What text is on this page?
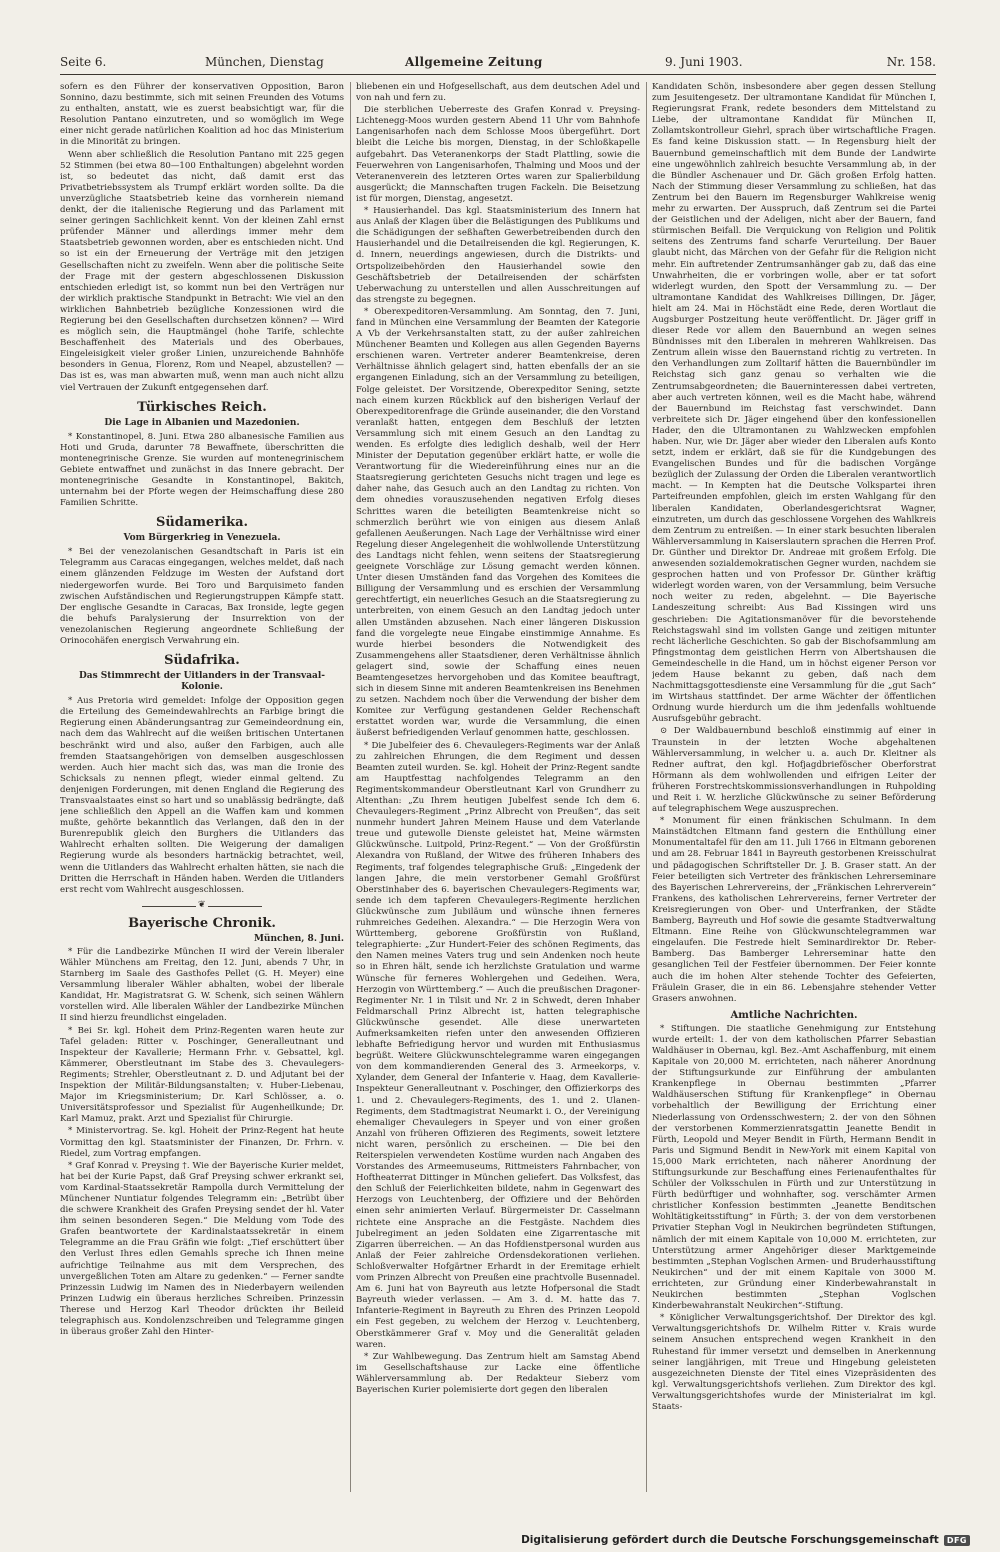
Seite 6.	München, Dienstag	Allgemeine Zeitung	9. Juni 1903.	Nr. 158.

sofern es den Führer der konservativen Opposition, Baron Sonnino, dazu bestimmte, sich mit seinen Freunden des Votums zu enthalten, anstatt, wie es zuerst beabsichtigt war, für die Resolution Pantano einzutreten, und so womöglich im Wege einer nicht gerade natürlichen Koalition ad hoc das Ministerium in die Minorität zu bringen.

Wenn aber schließlich die Resolution Pantano mit 225 gegen 52 Stimmen (bei etwa 80—100 Enthaltungen) abgelehnt worden ist, so bedeutet das nicht, daß damit erst das Privatbetriebssystem als Trumpf erklärt worden sollte. Da die unverzügliche Staatsbetrieb keine das vornherein niemand denkt, der die italienische Regierung und das Parlament mit seiner geringen Sachlichkeit kennt. Von der kleinen Zahl ernst prüfender Männer und allerdings immer mehr dem Staatsbetrieb gewonnen worden, aber es entschieden nicht. Und so ist ein der Erneuerung der Verträge mit den jetzigen Gesellschaften nicht zu zweifeln. Wenn aber die politische Seite der Frage mit der gestern abgeschlossenen Diskussion entschieden erledigt ist, so kommt nun bei den Verträgen nur der wirklich praktische Standpunkt in Betracht: Wie viel an den wirklichen Bahnbetrieb bezügliche Konzessionen wird die Regierung bei den Gesellschaften durchsetzen können? — Wird es möglich sein, die Hauptmängel (hohe Tarife, schlechte Beschaffenheit des Materials und des Oberbaues, Eingeleisigkeit vieler großer Linien, unzureichende Bahnhöfe besonders in Genua, Florenz, Rom und Neapel, abzustellen? — Das ist es, was man abwarten muß, wenn man auch nicht allzu viel Vertrauen der Zukunft entgegensehen darf.

Türkisches Reich.
Die Lage in Albanien und Mazedonien.

* Konstantinopel, 8. Juni. Etwa 280 albanesische Familien aus Hoti und Gruda, darunter 78 Bewaffnete, überschritten die montenegrinische Grenze. Sie wurden auf montenegrinischem Gebiete entwaffnet und zunächst in das Innere gebracht. Der montenegrinische Gesandte in Konstantinopel, Bakitch, unternahm bei der Pforte wegen der Heimschaffung diese 280 Familien Schritte.

Südamerika.
Vom Bürgerkrieg in Venezuela.

* Bei der venezolanischen Gesandtschaft in Paris ist ein Telegramm aus Caracas eingegangen, welches meldet, daß nach einem glänzenden Feldzuge im Westen der Aufstand dort niedergeworfen wurde. Bei Toro und Barquisimeto fanden zwischen Aufständischen und Regierungstruppen Kämpfe statt. Der englische Gesandte in Caracas, Bax Ironside, legte gegen die behufs Paralysierung der Insurrektion von der venezolanischen Regierung angeordnete Schließung der Orinocohäfen energisch Verwahrung ein.

Südafrika.
Das Stimmrecht der Uitlanders in der Transvaal-Kolonie.

* Aus Pretoria wird gemeldet: Infolge der Opposition gegen die Erteilung des Gemeindewahlrechts an Farbige bringt die Regierung einen Abänderungsantrag zur Gemeindeordnung ein, nach dem das Wahlrecht auf die weißen britischen Untertanen beschränkt wird und also, außer den Farbigen, auch alle fremden Staatsangehörigen von demselben ausgeschlossen werden. Auch hier macht sich das, was man die Ironie des Schicksals zu nennen pflegt, wieder einmal geltend. Zu denjenigen Forderungen, mit denen England die Regierung des Transvaalstaates einst so hart und so unablässig bedrängte, daß jene schließlich den Appell an die Waffen kam und kommen mußte, gehörte bekanntlich das Verlangen, daß den in der Burenrepublik gleich den Burghers die Uitlanders das Wahlrecht erhalten sollten. Die Weigerung der damaligen Regierung wurde als besonders hartnäckig betrachtet, weil, wenn die Uitlanders das Wahlrecht erhalten hätten, sie nach die Dritten die Herrschaft in Händen haben. Werden die Uitlanders erst recht vom Wahlrecht ausgeschlossen.

❦
Bayerische Chronik.
München, 8. Juni.

* Für die Landbezirke München II wird der Verein liberaler Wähler Münchens am Freitag, den 12. Juni, abends 7 Uhr, in Starnberg im Saale des Gasthofes Pellet (G. H. Meyer) eine Versammlung liberaler Wähler abhalten, wobei der liberale Kandidat, Hr. Magistratsrat G. W. Schenk, sich seinen Wählern vorstellen wird. Alle liberalen Wähler der Landbezirke München II sind hierzu freundlichst eingeladen.

* Bei Sr. kgl. Hoheit dem Prinz-Regenten waren heute zur Tafel geladen: Ritter v. Poschinger, Generalleutnant und Inspekteur der Kavallerie; Hermann Frhr. v. Gebsattel, kgl. Kämmerer, Oberstleutnant im Stabe des 3. Chevaulegers-Regiments; Strehler, Oberstleutnant z. D. und Adjutant bei der Inspektion der Militär-Bildungsanstalten; v. Huber-Liebenau, Major im Kriegsministerium; Dr. Karl Schlösser, a. o. Universitätsprofessor und Spezialist für Augenheilkunde; Dr. Karl Mamuz, prakt. Arzt und Spezialist für Chirurgie.

* Ministervortrag. Se. kgl. Hoheit der Prinz-Regent hat heute Vormittag den kgl. Staatsminister der Finanzen, Dr. Frhrn. v. Riedel, zum Vortrag empfangen.

* Graf Konrad v. Preysing †. Wie der Bayerische Kurier meldet, hat bei der Kurie Papst, daß Graf Preysing schwer erkrankt sei, vom Kardinal-Staatssekretär Rampolla durch Vermittelung der Münchener Nuntiatur folgendes Telegramm ein: „Betrübt über die schwere Krankheit des Grafen Preysing sendet der hl. Vater ihm seinen besonderen Segen.“ Die Meldung vom Tode des Grafen beantwortete der Kardinalstaatssekretär in einem Telegramme an die Frau Gräfin wie folgt: „Tief erschüttert über den Verlust Ihres edlen Gemahls spreche ich Ihnen meine aufrichtige Teilnahme aus mit dem Versprechen, des unvergeßlichen Toten am Altare zu gedenken.“ — Ferner sandte Prinzessin Ludwig im Namen des in Niederbayern weilenden Prinzen Ludwig ein überaus herzliches Schreiben. Prinzessin Therese und Herzog Karl Theodor drückten ihr Beileid telegraphisch aus. Kondolenzschreiben und Telegramme gingen in überaus großer Zahl den Hinter-

bliebenen ein und Hofgesellschaft, aus dem deutschen Adel und von nah und fern zu.

Die sterblichen Ueberreste des Grafen Konrad v. Preysing-Lichtenegg-Moos wurden gestern Abend 11 Uhr vom Bahnhofe Langenisarhofen nach dem Schlosse Moos übergeführt. Dort bleibt die Leiche bis morgen, Dienstag, in der Schloßkapelle aufgebahrt. Das Veteranenkorps der Stadt Plattling, sowie die Feuerwehren von Langenisarhofen, Thalming und Moos und der Veteranenverein des letzteren Ortes waren zur Spalierbildung ausgerückt; die Mannschaften trugen Fackeln. Die Beisetzung ist für morgen, Dienstag, angesetzt.

* Hausierhandel. Das kgl. Staatsministerium des Innern hat aus Anlaß der Klagen über die Belästigungen des Publikums und die Schädigungen der seßhaften Gewerbetreibenden durch den Hausierhandel und die Detailreisenden die kgl. Regierungen, K. d. Innern, neuerdings angewiesen, durch die Distrikts- und Ortspolizeibehörden den Hausierhandel sowie den Geschäftsbetrieb der Detailreisenden der schärfsten Ueberwachung zu unterstellen und allen Ausschreitungen auf das strengste zu begegnen.

* Oberexpeditoren-Versammlung. Am Sonntag, den 7. Juni, fand in München eine Versammlung der Beamten der Kategorie A Vb der Verkehrsanstalten statt, zu der außer zahlreichen Münchener Beamten und Kollegen aus allen Gegenden Bayerns erschienen waren. Vertreter anderer Beamtenkreise, deren Verhältnisse ähnlich gelagert sind, hatten ebenfalls der an sie ergangenen Einladung, sich an der Versammlung zu beteiligen, Folge geleistet. Der Vorsitzende, Oberexpeditor Sening, setzte nach einem kurzen Rückblick auf den bisherigen Verlauf der Oberexpeditorenfrage die Gründe auseinander, die den Vorstand veranlaßt hatten, entgegen dem Beschluß der letzten Versammlung sich mit einem Gesuch an den Landtag zu wenden. Es erfolgte dies lediglich deshalb, weil der Herr Minister der Deputation gegenüber erklärt hatte, er wolle die Verantwortung für die Wiedereinführung eines nur an die Staatsregierung gerichteten Gesuchs nicht tragen und lege es daher nahe, das Gesuch auch an den Landtag zu richten. Von dem ohnedies vorauszusehenden negativen Erfolg dieses Schrittes waren die beteiligten Beamtenkreise nicht so schmerzlich berührt wie von einigen aus diesem Anlaß gefallenen Aeußerungen. Nach Lage der Verhältnisse wird einer Regelung dieser Angelegenheit die wohlwollende Unterstützung des Landtags nicht fehlen, wenn seitens der Staatsregierung geeignete Vorschläge zur Lösung gemacht werden können. Unter diesen Umständen fand das Vorgehen des Komitees die Billigung der Versammlung und es erschien der Versammlung gerechtfertigt, ein neuerliches Gesuch an die Staatsregierung zu unterbreiten, von einem Gesuch an den Landtag jedoch unter allen Umständen abzusehen. Nach einer längeren Diskussion fand die vorgelegte neue Eingabe einstimmige Annahme. Es wurde hierbei besonders die Notwendigkeit des Zusammengehens aller Staatsdiener, deren Verhältnisse ähnlich gelagert sind, sowie der Schaffung eines neuen Beamtengesetzes hervorgehoben und das Komitee beauftragt, sich in diesem Sinne mit anderen Beamtenkreisen ins Benehmen zu setzen. Nachdem noch über die Verwendung der bisher dem Komitee zur Verfügung gestandenen Gelder Rechenschaft erstattet worden war, wurde die Versammlung, die einen äußerst befriedigenden Verlauf genommen hatte, geschlossen.

* Die Jubelfeier des 6. Chevaulegers-Regiments war der Anlaß zu zahlreichen Ehrungen, die dem Regiment und dessen Beamten zuteil wurden. Se. kgl. Hoheit der Prinz-Regent sandte am Hauptfesttag nachfolgendes Telegramm an den Regimentskommandeur Oberstleutnant Karl von Grundherr zu Altenthan: „Zu Ihrem heutigen Jubelfest sende Ich dem 6. Chevaulegers-Regiment „Prinz Albrecht von Preußen“, das seit nunmehr hundert Jahren Meinem Hause und dem Vaterlande treue und gutewolle Dienste geleistet hat, Meine wärmsten Glückwünsche. Luitpold, Prinz-Regent.“ — Von der Großfürstin Alexandra von Rußland, der Witwe des früheren Inhabers des Regiments, traf folgendes telegraphische Gruß: „Eingedenk der langen Jahre, die mein verstorbener Gemahl Großfürst Oberstinhaber des 6. bayerischen Chevaulegers-Regiments war, sende ich dem tapferen Chevaulegers-Regimente herzlichen Glückwünsche zum Jubiläum und wünsche ihnen ferneres ruhmreiches Gedeihen. Alexandra.“ — Die Herzogin Wera von Württemberg, geborene Großfürstin von Rußland, telegraphierte: „Zur Hundert-Feier des schönen Regiments, das den Namen meines Vaters trug und sein Andenken noch heute so in Ehren hält, sende ich herzlichste Gratulation und warme Wünsche für ferneres Wohlergehen und Gedeihen. Wera, Herzogin von Württemberg.“ — Auch die preußischen Dragoner-Regimenter Nr. 1 in Tilsit und Nr. 2 in Schwedt, deren Inhaber Feldmarschall Prinz Albrecht ist, hatten telegraphische Glückwünsche gesendet. Alle diese unerwarteten Aufmerksamkeiten riefen unter den anwesenden Offizieren lebhafte Befriedigung hervor und wurden mit Enthusiasmus begrüßt. Weitere Glückwunschtelegramme waren eingegangen von dem kommandierenden General des 3. Armeekorps, v. Xylander, dem General der Infanterie v. Haag, dem Kavallerie-Inspekteur Generalleutnant v. Poschinger, den Offizierkorps des 1. und 2. Chevaulegers-Regiments, des 1. und 2. Ulanen-Regiments, dem Stadtmagistrat Neumarkt i. O., der Vereinigung ehemaliger Chevaulegers in Speyer und von einer großen Anzahl von früheren Offizieren des Regiments, soweit letztere nicht waren, persönlich zu erscheinen. — Die bei den Reiterspielen verwendeten Kostüme wurden nach Angaben des Vorstandes des Armeemuseums, Rittmeisters Fahrnbacher, von Hoftheaterrat Dittinger in München geliefert. Das Volksfest, das den Schluß der Feierlichkeiten bildete, nahm in Gegenwart des Herzogs von Leuchtenberg, der Offiziere und der Behörden einen sehr animierten Verlauf. Bürgermeister Dr. Casselmann richtete eine Ansprache an die Festgäste. Nachdem dies Jubelregiment an jeden Soldaten eine Zigarrentasche mit Zigarren überreichen. — An das Hofdienstpersonal wurden aus Anlaß der Feier zahlreiche Ordensdekorationen verliehen. Schloßverwalter Hofgärtner Erhardt in der Eremitage erhielt vom Prinzen Albrecht von Preußen eine prachtvolle Busennadel. Am 6. Juni hat von Bayreuth aus letzte Hofpersonal die Stadt Bayreuth wieder verlassen. — Am 3. d. M. hatte das 7. Infanterie-Regiment in Bayreuth zu Ehren des Prinzen Leopold ein Fest gegeben, zu welchem der Herzog v. Leuchtenberg, Oberstkämmerer Graf v. Moy und die Generalität geladen waren.

* Zur Wahlbewegung. Das Zentrum hielt am Samstag Abend im Gesellschaftshause zur Lacke eine öffentliche Wählerversammlung ab. Der Redakteur Sieberz vom Bayerischen Kurier polemisierte dort gegen den liberalen

Kandidaten Schön, insbesondere aber gegen dessen Stellung zum Jesuitengesetz. Der ultramontane Kandidat für München I, Regierungsrat Frank, redete besonders dem Mittelstand zu Liebe, der ultramontane Kandidat für München II, Zollamtskontrolleur Giehrl, sprach über wirtschaftliche Fragen. Es fand keine Diskussion statt. — In Regensburg hielt der Bauernbund gemeinschaftlich mit dem Bunde der Landwirte eine ungewöhnlich zahlreich besuchte Versammlung ab, in der die Bündler Aschenauer und Dr. Gäch großen Erfolg hatten. Nach der Stimmung dieser Versammlung zu schließen, hat das Zentrum bei den Bauern im Regensburger Wahlkreise wenig mehr zu erwarten. Der Ausspruch, daß Zentrum sei die Partei der Geistlichen und der Adeligen, nicht aber der Bauern, fand stürmischen Beifall. Die Verquickung von Religion und Politik seitens des Zentrums fand scharfe Verurteilung. Der Bauer glaubt nicht, das Märchen von der Gefahr für die Religion nicht mehr. Ein auftretender Zentrumsanhänger gab zu, daß das eine Unwahrheiten, die er vorbringen wolle, aber er tat sofort widerlegt wurden, den Spott der Versammlung zu. — Der ultramontane Kandidat des Wahlkreises Dillingen, Dr. Jäger, hielt am 24. Mai in Höchstädt eine Rede, deren Wortlaut die Augsburger Postzeitung heute veröffentlicht. Dr. Jäger griff in dieser Rede vor allem den Bauernbund an wegen seines Bündnisses mit den Liberalen in mehreren Wahlkreisen. Das Zentrum allein wisse den Bauernstand richtig zu vertreten. In den Verhandlungen zum Zolltarif hätten die Bauernbündler im Reichstag sich ganz genau so verhalten wie die Zentrumsabgeordneten; die Bauerninteressen dabei vertreten, aber auch vertreten können, weil es die Macht habe, während der Bauernbund im Reichstag fast verschwindet. Dann verbreitete sich Dr. Jäger eingehend über den konfessionellen Hader, den die Ultramontanen zu Wahlzwecken empfohlen haben. Nur, wie Dr. Jäger aber wieder den Liberalen aufs Konto setzt, indem er erklärt, daß sie für die Kundgebungen des Evangelischen Bundes und für die badischen Vorgänge bezüglich der Zulassung der Orden die Liberalen verantwortlich macht. — In Kempten hat die Deutsche Volkspartei ihren Parteifreunden empfohlen, gleich im ersten Wahlgang für den liberalen Kandidaten, Oberlandesgerichtsrat Wagner, einzutreten, um durch das geschlossene Vorgehen des Wahlkreis dem Zentrum zu entreißen. — In einer stark besuchten liberalen Wählerversammlung in Kaiserslautern sprachen die Herren Prof. Dr. Günther und Direktor Dr. Andreae mit großem Erfolg. Die anwesenden sozialdemokratischen Gegner wurden, nachdem sie gesprochen hatten und von Professor Dr. Günther kräftig widerlegt worden waren, von der Versammlung, beim Versuche noch weiter zu reden, abgelehnt. — Die Bayerische Landeszeitung schreibt: Aus Bad Kissingen wird uns geschrieben: Die Agitationsmanöver für die bevorstehende Reichstagswahl sind im vollsten Gange und zeitigen mitunter recht lächerliche Geschichten. So gab der Bischofsammlung am Pfingstmontag dem geistlichen Herrn von Albertshausen die Gemeindeschelle in die Hand, um in höchst eigener Person vor jedem Hause bekannt zu geben, daß nach dem Nachmittagsgottesdienste eine Versammlung für die „gut Sach“ im Wirtshaus stattfindet. Der arme Wächter der öffentlichen Ordnung wurde hierdurch um die ihm jedenfalls wohltuende Ausrufsgebühr gebracht.

⊙ Der Waldbauernbund beschloß einstimmig auf einer in Traunstein in der letzten Woche abgehaltenen Wählerversammlung, in welcher u. a. auch Dr. Kleitner als Redner auftrat, den kgl. Hofjagdbrieföscher Oberforstrat Hörmann als dem wohlwollenden und eifrigen Leiter der früheren Forstrechtskommissionsverhandlungen in Ruhpolding und Reit i. W. herzliche Glückwünsche zu seiner Beförderung auf telegraphischem Wege auszusprechen.

* Monument für einen fränkischen Schulmann. In dem Mainstädtchen Eltmann fand gestern die Enthüllung einer Monumentaltafel für den am 11. Juli 1766 in Eltmann geborenen und am 28. Februar 1841 in Bayreuth gestorbenen Kreisschulrat und pädagogischen Schriftsteller Dr. J. B. Graser statt. An der Feier beteiligten sich Vertreter des fränkischen Lehrerseminare des Bayerischen Lehrervereins, der „Fränkischen Lehrerverein“ Frankens, des katholischen Lehrervereins, ferner Vertreter der Kreisregierungen von Ober- und Unterfranken, der Städte Bamberg, Bayreuth und Hof sowie die gesamte Stadtverwaltung Eltmann. Eine Reihe von Glückwunschtelegrammen war eingelaufen. Die Festrede hielt Seminardirektor Dr. Reber-Bamberg. Das Bamberger Lehrerseminar hatte den gesanglichen Teil der Festfeier übernommen. Der Feier konnte auch die im hohen Alter stehende Tochter des Gefeierten, Fräulein Graser, die in ein 86. Lebensjahre stehender Vetter Grasers anwohnen.

Amtliche Nachrichten.

* Stiftungen. Die staatliche Genehmigung zur Entstehung wurde erteilt: 1. der von dem katholischen Pfarrer Sebastian Waldhäuser in Obernau, kgl. Bez.-Amt Aschaffenburg, mit einem Kapitale von 20,000 M. errichteten, nach näherer Anordnung der Stiftungsurkunde zur Einführung der ambulanten Krankenpflege in Obernau bestimmten „Pfarrer Waldhäuserschen Stiftung für Krankenpflege“ in Obernau vorbehaltlich der Bewilligung der Errichtung einer Niederlassung von Ordensschwestern; 2. der von den Söhnen der verstorbenen Kommerzienratsgattin Jeanette Bendit in Fürth, Leopold und Meyer Bendit in Fürth, Hermann Bendit in Paris und Sigmund Bendit in New-York mit einem Kapital von 15,000 Mark errichteten, nach näherer Anordnung der Stiftungsurkunde zur Beschaffung eines Ferienaufenthaltes für Schüler der Volksschulen in Fürth und zur Unterstützung in Fürth bedürftiger und wohnhafter, sog. verschämter Armen christlicher Konfession bestimmten „Jeanette Benditschen Wohltätigkeitsstiftung“ in Fürth; 3. der von dem verstorbenen Privatier Stephan Vogl in Neukirchen begründeten Stiftungen, nämlich der mit einem Kapitale von 10,000 M. errichteten, zur Unterstützung armer Angehöriger dieser Marktgemeinde bestimmten „Stephan Voglschen Armen- und Bruderhausstiftung Neukirchen“ und der mit einem Kapitale von 3000 M. errichteten, zur Gründung einer Kinderbewahranstalt in Neukirchen bestimmten „Stephan Voglschen Kinderbewahranstalt Neukirchen“-Stiftung.

* Königlicher Verwaltungsgerichtshof. Der Direktor des kgl. Verwaltungsgerichtshofs Dr. Wilhelm Ritter v. Krais wurde seinem Ansuchen entsprechend wegen Krankheit in den Ruhestand für immer versetzt und demselben in Anerkennung seiner langjährigen, mit Treue und Hingebung geleisteten ausgezeichneten Dienste der Titel eines Vizepräsidenten des kgl. Verwaltungsgerichtshofs verliehen. Zum Direktor des kgl. Verwaltungsgerichtshofes wurde der Ministerialrat im kgl. Staats-

Digitalisierung gefördert durch die Deutsche Forschungsgemeinschaft	DFG
